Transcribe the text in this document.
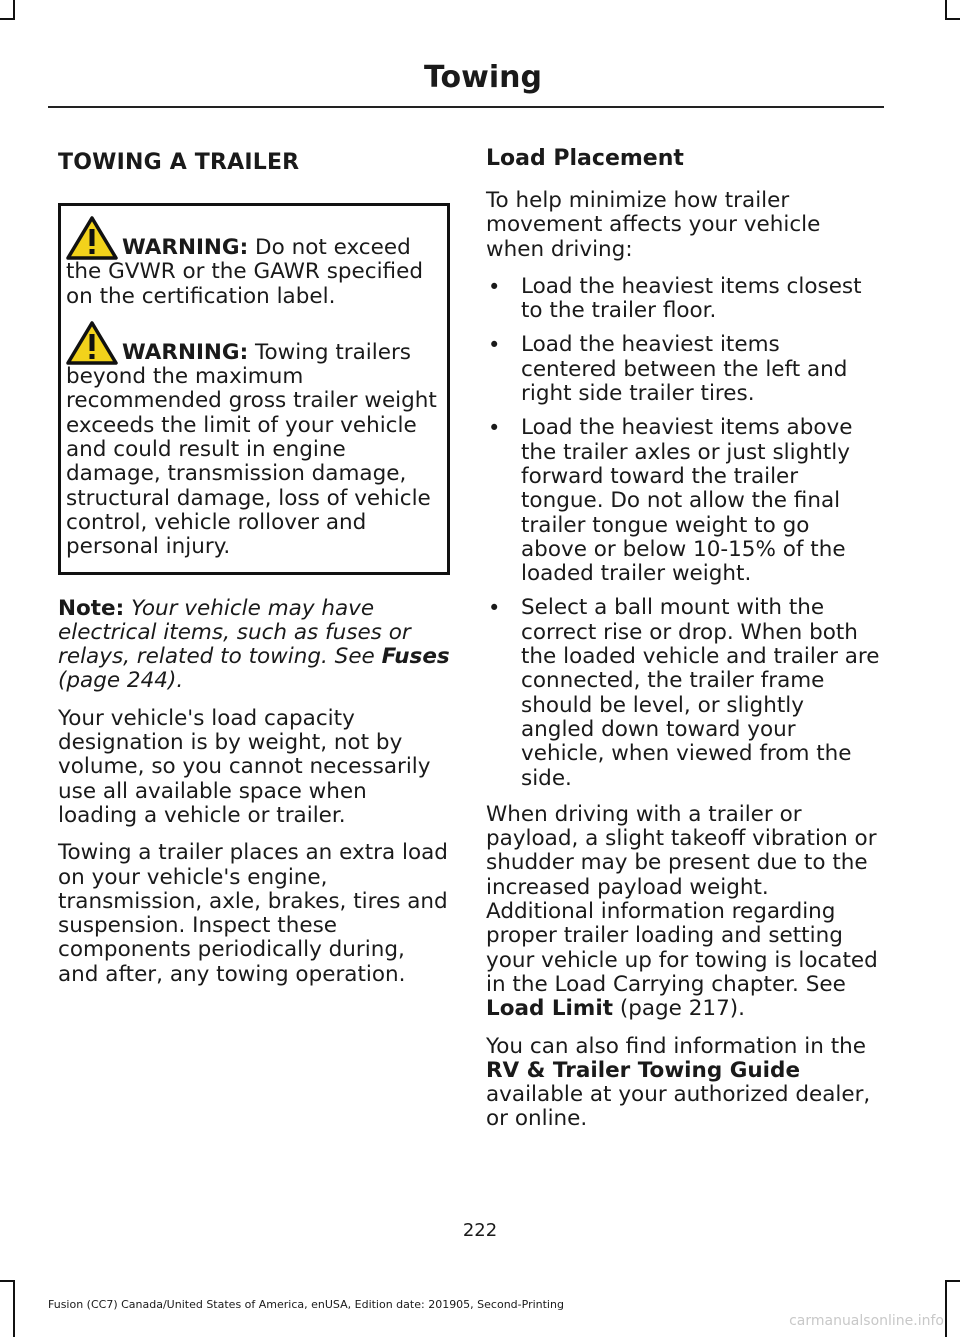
Towing
TOWING A TRAILER
WARNING: Do not exceed the GVWR or the GAWR specified on the certification label.
WARNING: Towing trailers beyond the maximum recommended gross trailer weight exceeds the limit of your vehicle and could result in engine damage, transmission damage, structural damage, loss of vehicle control, vehicle rollover and personal injury.

Note: Your vehicle may have electrical items, such as fuses or relays, related to towing. See Fuses (page 244).

Your vehicle's load capacity designation is by weight, not by volume, so you cannot necessarily use all available space when loading a vehicle or trailer.

Towing a trailer places an extra load on your vehicle's engine, transmission, axle, brakes, tires and suspension. Inspect these components periodically during, and after, any towing operation.

Load Placement

To help minimize how trailer movement affects your vehicle when driving:

• Load the heaviest items closest to the trailer floor.
• Load the heaviest items centered between the left and right side trailer tires.
• Load the heaviest items above the trailer axles or just slightly forward toward the trailer tongue. Do not allow the final trailer tongue weight to go above or below 10-15% of the loaded trailer weight.
• Select a ball mount with the correct rise or drop. When both the loaded vehicle and trailer are connected, the trailer frame should be level, or slightly angled down toward your vehicle, when viewed from the side.

When driving with a trailer or payload, a slight takeoff vibration or shudder may be present due to the increased payload weight. Additional information regarding proper trailer loading and setting your vehicle up for towing is located in the Load Carrying chapter. See Load Limit (page 217).

You can also find information in the RV & Trailer Towing Guide available at your authorized dealer, or online.

222
Fusion (CC7) Canada/United States of America, enUSA, Edition date: 201905, Second-Printing
carmanualsonline.info
